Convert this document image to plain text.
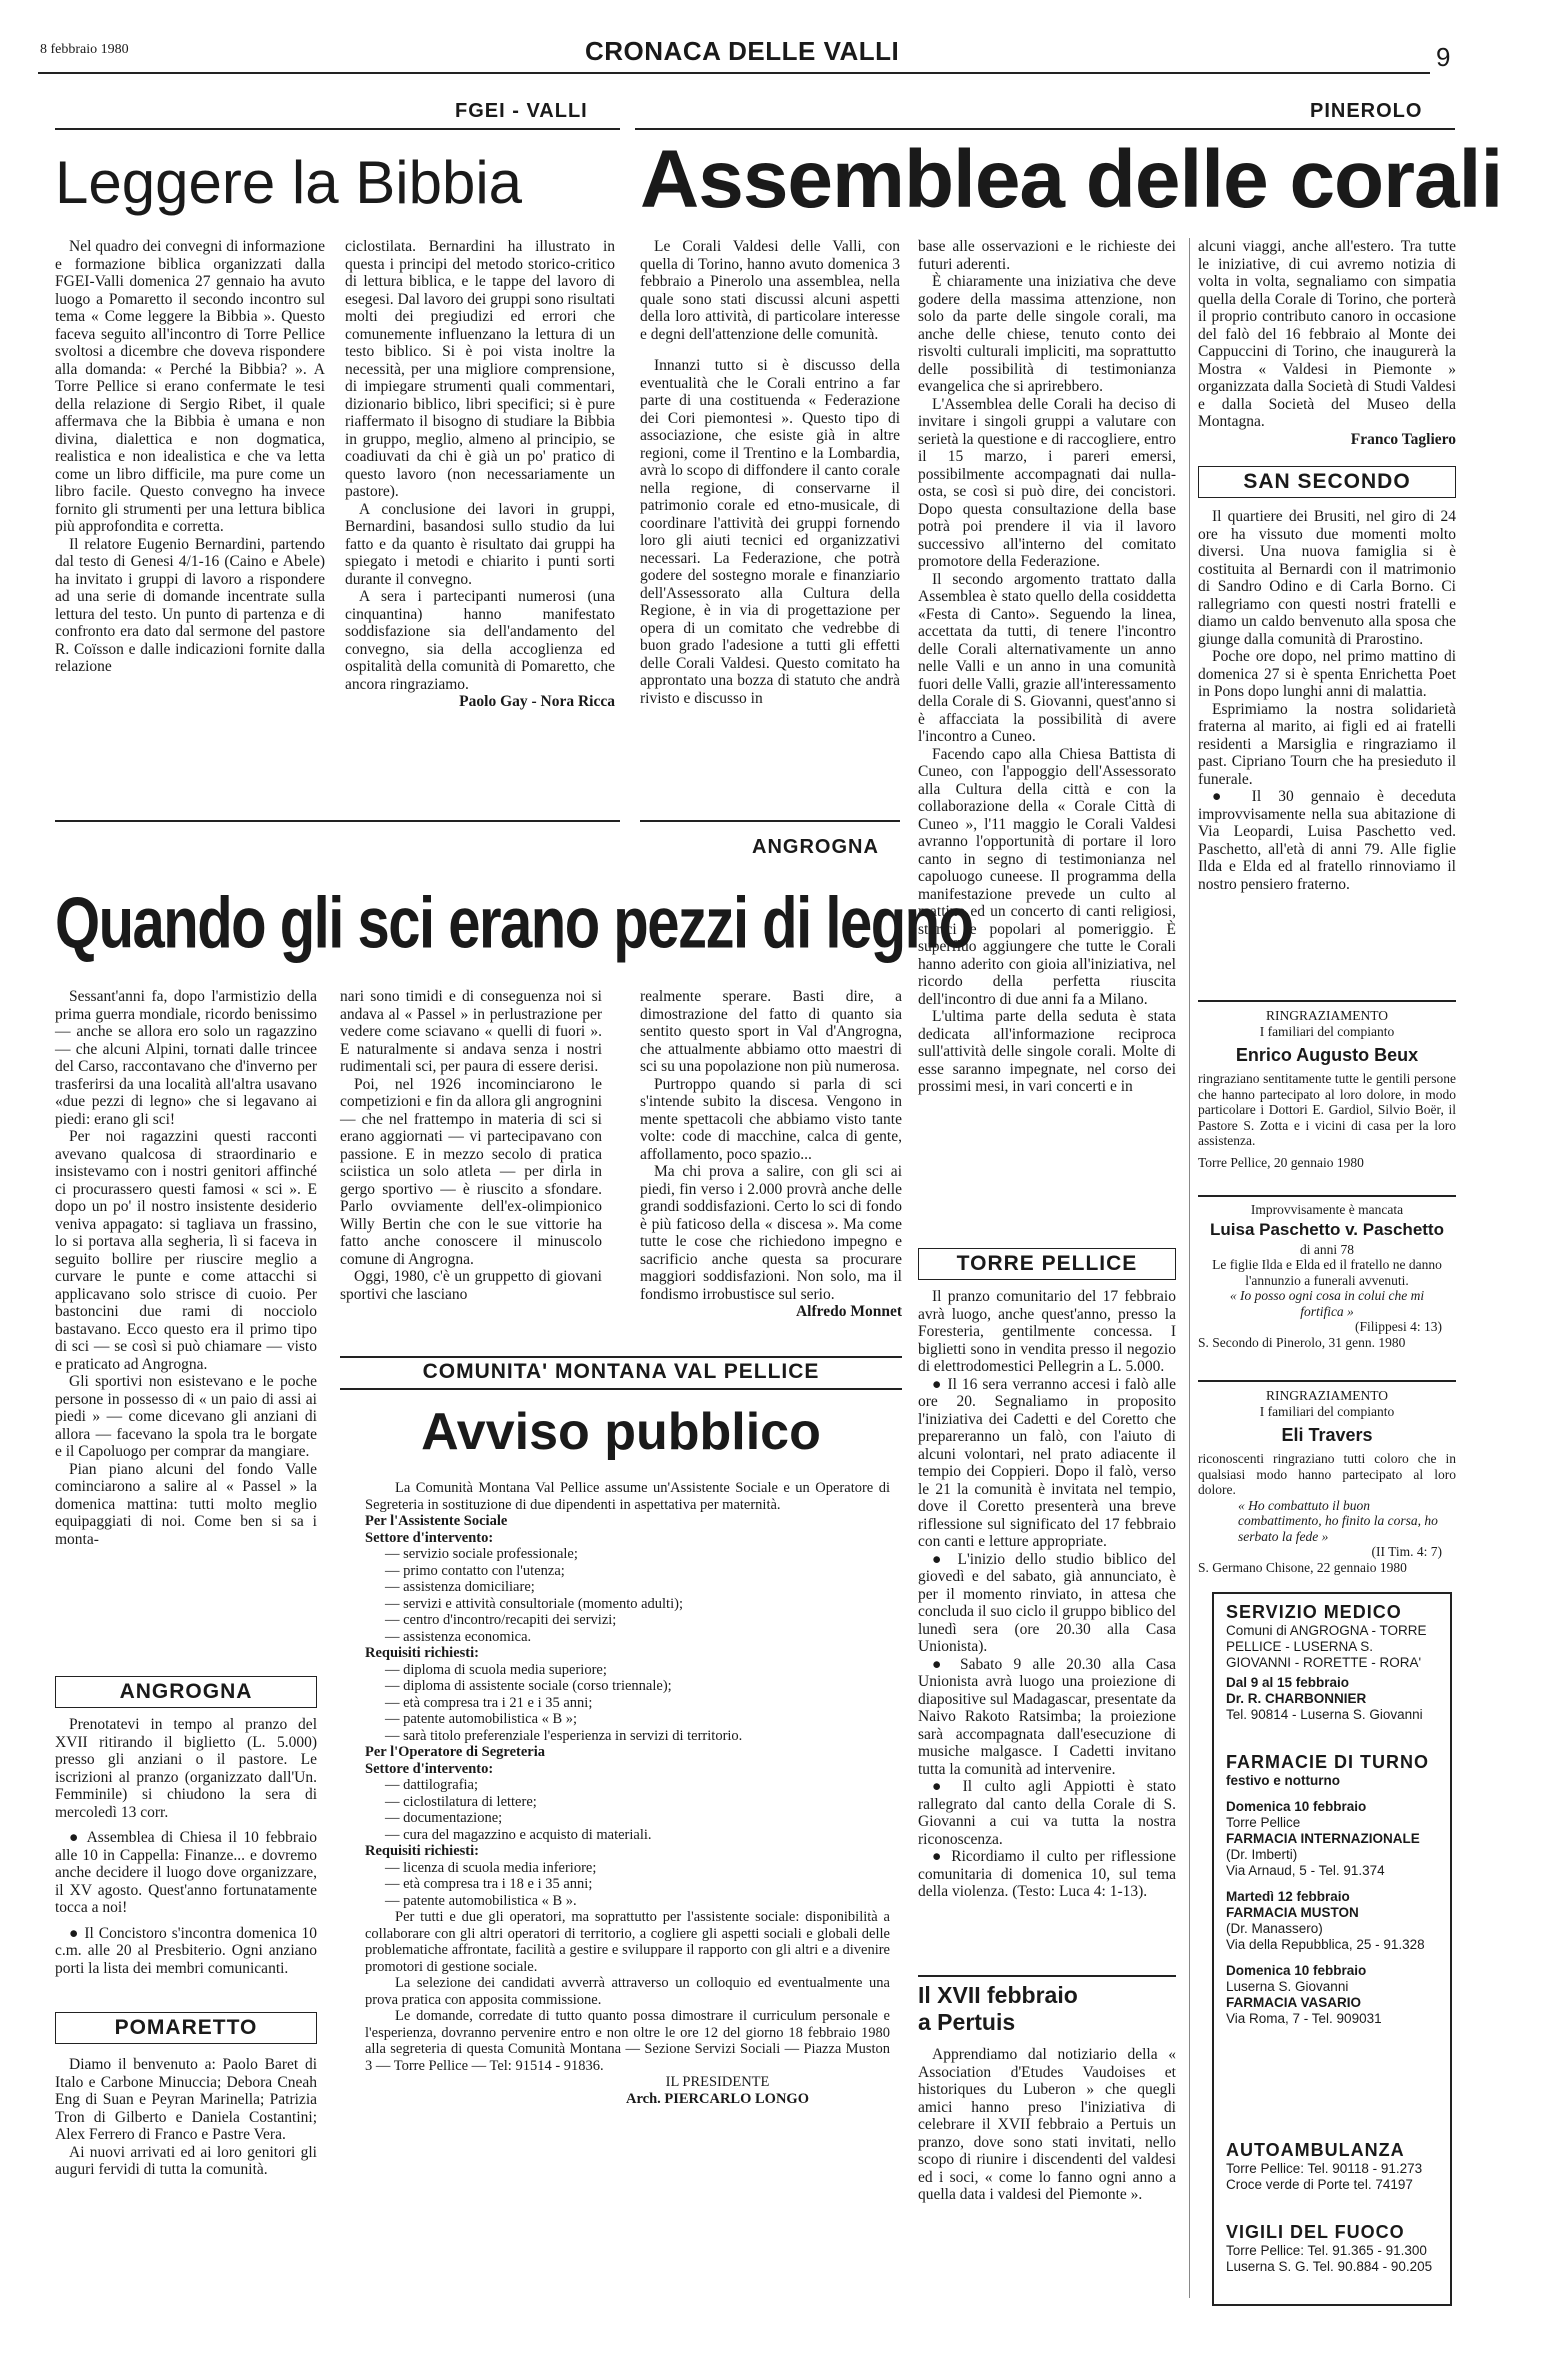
8 febbraio 1980	CRONACA DELLE VALLI	9
FGEI - VALLI	PINEROLO
Leggere la Bibbia

Nel quadro dei convegni di informazione e formazione biblica organizzati dalla FGEI-Valli domenica 27 gennaio ha avuto luogo a Pomaretto il secondo incontro sul tema « Come leggere la Bibbia ». Questo faceva seguito all'incontro di Torre Pellice svoltosi a dicembre che doveva rispondere alla domanda: « Perché la Bibbia? ». A Torre Pellice si erano confermate le tesi della relazione di Sergio Ribet, il quale affermava che la Bibbia è umana e non divina, dialettica e non dogmatica, realistica e non idealistica e che va letta come un libro difficile, ma pure come un libro facile. Questo convegno ha invece fornito gli strumenti per una lettura biblica più approfondita e corretta.

Il relatore Eugenio Bernardini, partendo dal testo di Genesi 4/1-16 (Caino e Abele) ha invitato i gruppi di lavoro a rispondere ad una serie di domande incentrate sulla lettura del testo. Un punto di partenza e di confronto era dato dal sermone del pastore R. Coïsson e dalle indicazioni fornite dalla relazione

ciclostilata. Bernardini ha illustrato in questa i principi del metodo storico-critico di lettura biblica, e le tappe del lavoro di esegesi. Dal lavoro dei gruppi sono risultati molti dei pregiudizi ed errori che comunemente influenzano la lettura di un testo biblico. Si è poi vista inoltre la necessità, per una migliore comprensione, di impiegare strumenti quali commentari, dizionario biblico, libri specifici; si è pure riaffermato il bisogno di studiare la Bibbia in gruppo, meglio, almeno al principio, se coadiuvati da chi è già un po' pratico di questo lavoro (non necessariamente un pastore).

A conclusione dei lavori in gruppi, Bernardini, basandosi sullo studio da lui fatto e da quanto è risultato dai gruppi ha spiegato i metodi e chiarito i punti sorti durante il convegno.

A sera i partecipanti numerosi (una cinquantina) hanno manifestato soddisfazione sia dell'andamento del convegno, sia della accoglienza ed ospitalità della comunità di Pomaretto, che ancora ringraziamo.

Paolo Gay - Nora Ricca

Assemblea delle corali

Le Corali Valdesi delle Valli, con quella di Torino, hanno avuto domenica 3 febbraio a Pinerolo una assemblea, nella quale sono stati discussi alcuni aspetti della loro attività, di particolare interesse e degni dell'attenzione delle comunità.

Innanzi tutto si è discusso della eventualità che le Corali entrino a far parte di una costituenda « Federazione dei Cori piemontesi ». Questo tipo di associazione, che esiste già in altre regioni, come il Trentino e la Lombardia, avrà lo scopo di diffondere il canto corale nella regione, di conservarne il patrimonio corale ed etno-musicale, di coordinare l'attività dei gruppi fornendo loro gli aiuti tecnici ed organizzativi necessari. La Federazione, che potrà godere del sostegno morale e finanziario dell'Assessorato alla Cultura della Regione, è in via di progettazione per opera di un comitato che vedrebbe di buon grado l'adesione a tutti gli effetti delle Corali Valdesi. Questo comitato ha approntato una bozza di statuto che andrà rivisto e discusso in

base alle osservazioni e le richieste dei futuri aderenti.

È chiaramente una iniziativa che deve godere della massima attenzione, non solo da parte delle singole corali, ma anche delle chiese, tenuto conto dei risvolti culturali impliciti, ma soprattutto delle possibilità di testimonianza evangelica che si aprirebbero.

L'Assemblea delle Corali ha deciso di invitare i singoli gruppi a valutare con serietà la questione e di raccogliere, entro il 15 marzo, i pareri emersi, possibilmente accompagnati dai nulla-osta, se così si può dire, dei concistori. Dopo questa consultazione della base potrà poi prendere il via il lavoro successivo all'interno del comitato promotore della Federazione.

Il secondo argomento trattato dalla Assemblea è stato quello della cosiddetta «Festa di Canto». Seguendo la linea, accettata da tutti, di tenere l'incontro delle Corali alternativamente un anno nelle Valli e un anno in una comunità fuori delle Valli, grazie all'interessamento della Corale di S. Giovanni, quest'anno si è affacciata la possibilità di avere l'incontro a Cuneo.

Facendo capo alla Chiesa Battista di Cuneo, con l'appoggio dell'Assessorato alla Cultura della città e con la collaborazione della « Corale Città di Cuneo », l'11 maggio le Corali Valdesi avranno l'opportunità di portare il loro canto in segno di testimonianza nel capoluogo cuneese. Il programma della manifestazione prevede un culto al mattino ed un concerto di canti religiosi, storici e popolari al pomeriggio. È superfluo aggiungere che tutte le Corali hanno aderito con gioia all'iniziativa, nel ricordo della perfetta riuscita dell'incontro di due anni fa a Milano.

L'ultima parte della seduta è stata dedicata all'informazione reciproca sull'attività delle singole corali. Molte di esse saranno impegnate, nel corso dei prossimi mesi, in vari concerti e in

alcuni viaggi, anche all'estero. Tra tutte le iniziative, di cui avremo notizia di volta in volta, segnaliamo con simpatia quella della Corale di Torino, che porterà il proprio contributo canoro in occasione del falò del 16 febbraio al Monte dei Cappuccini di Torino, che inaugurerà la Mostra « Valdesi in Piemonte » organizzata dalla Società di Studi Valdesi e dalla Società del Museo della Montagna.

Franco Tagliero

SAN SECONDO

Il quartiere dei Brusiti, nel giro di 24 ore ha vissuto due momenti molto diversi. Una nuova famiglia si è costituita al Bernardi con il matrimonio di Sandro Odino e di Carla Borno. Ci rallegriamo con questi nostri fratelli e diamo un caldo benvenuto alla sposa che giunge dalla comunità di Prarostino.

Poche ore dopo, nel primo mattino di domenica 27 si è spenta Enrichetta Poet in Pons dopo lunghi anni di malattia.

Esprimiamo la nostra solidarietà fraterna al marito, ai figli ed ai fratelli residenti a Marsiglia e ringraziamo il past. Cipriano Tourn che ha presieduto il funerale.

● Il 30 gennaio è deceduta improvvisamente nella sua abitazione di Via Leopardi, Luisa Paschetto ved. Paschetto, all'età di anni 79. Alle figlie Ilda e Elda ed al fratello rinnoviamo il nostro pensiero fraterno.

RINGRAZIAMENTO
I familiari del compianto
Enrico Augusto Beux
ringraziano sentitamente tutte le gentili persone che hanno partecipato al loro dolore, in modo particolare i Dottori E. Gardiol, Silvio Boër, il Pastore S. Zotta e i vicini di casa per la loro assistenza.
Torre Pellice, 20 gennaio 1980
Improvvisamente è mancata
Luisa Paschetto v. Paschetto
di anni 78
Le figlie Ilda e Elda ed il fratello ne danno l'annunzio a funerali avvenuti.
« Io posso ogni cosa in colui che mi fortifica »
(Filippesi 4: 13)
S. Secondo di Pinerolo, 31 genn. 1980
RINGRAZIAMENTO
I familiari del compianto
Eli Travers
riconoscenti ringraziano tutti coloro che in qualsiasi modo hanno partecipato al loro dolore.
« Ho combattuto il buon combattimento, ho finito la corsa, ho serbato la fede »
(II Tim. 4: 7)
S. Germano Chisone, 22 gennaio 1980
SERVIZIO MEDICO
Comuni di ANGROGNA - TORRE PELLICE - LUSERNA S. GIOVANNI - RORETTE - RORA'
Dal 9 al 15 febbraio
Dr. R. CHARBONNIER
Tel. 90814 - Luserna S. Giovanni
FARMACIE DI TURNO
festivo e notturno
Domenica 10 febbraio
Torre Pellice
FARMACIA INTERNAZIONALE
(Dr. Imberti)
Via Arnaud, 5 - Tel. 91.374
Martedì 12 febbraio
FARMACIA MUSTON
(Dr. Manassero)
Via della Repubblica, 25 - 91.328
Domenica 10 febbraio
Luserna S. Giovanni
FARMACIA VASARIO
Via Roma, 7 - Tel. 909031
AUTOAMBULANZA
Torre Pellice: Tel. 90118 - 91.273
Croce verde di Porte tel. 74197
VIGILI DEL FUOCO
Torre Pellice: Tel. 91.365 - 91.300
Luserna S. G. Tel. 90.884 - 90.205
ANGROGNA
Quando gli sci erano pezzi di legno

Sessant'anni fa, dopo l'armistizio della prima guerra mondiale, ricordo benissimo — anche se allora ero solo un ragazzino — che alcuni Alpini, tornati dalle trincee del Carso, raccontavano che d'inverno per trasferirsi da una località all'altra usavano «due pezzi di legno» che si legavano ai piedi: erano gli sci!

Per noi ragazzini questi racconti avevano qualcosa di straordinario e insistevamo con i nostri genitori affinché ci procurassero questi famosi « sci ». E dopo un po' il nostro insistente desiderio veniva appagato: si tagliava un frassino, lo si portava alla segheria, lì si faceva in seguito bollire per riuscire meglio a curvare le punte e come attacchi si applicavano solo strisce di cuoio. Per bastoncini due rami di nocciolo bastavano. Ecco questo era il primo tipo di sci — se così si può chiamare — visto e praticato ad Angrogna.

Gli sportivi non esistevano e le poche persone in possesso di « un paio di assi ai piedi » — come dicevano gli anziani di allora — facevano la spola tra le borgate e il Capoluogo per comprar da mangiare.

Pian piano alcuni del fondo Valle cominciarono a salire al « Passel » la domenica mattina: tutti molto meglio equipaggiati di noi. Come ben si sa i monta-

nari sono timidi e di conseguenza noi si andava al « Passel » in perlustrazione per vedere come sciavano « quelli di fuori ». E naturalmente si andava senza i nostri rudimentali sci, per paura di essere derisi.

Poi, nel 1926 incominciarono le competizioni e fin da allora gli angrognini — che nel frattempo in materia di sci si erano aggiornati — vi partecipavano con passione. E in mezzo secolo di pratica sciistica un solo atleta — per dirla in gergo sportivo — è riuscito a sfondare. Parlo ovviamente dell'ex-olimpionico Willy Bertin che con le sue vittorie ha fatto anche conoscere il minuscolo comune di Angrogna.

Oggi, 1980, c'è un gruppetto di giovani sportivi che lasciano

realmente sperare. Basti dire, a dimostrazione del fatto di quanto sia sentito questo sport in Val d'Angrogna, che attualmente abbiamo otto maestri di sci su una popolazione non più numerosa.

Purtroppo quando si parla di sci s'intende subito la discesa. Vengono in mente spettacoli che abbiamo visto tante volte: code di macchine, calca di gente, affollamento, poco spazio...

Ma chi prova a salire, con gli sci ai piedi, fin verso i 2.000 provrà anche delle grandi soddisfazioni. Certo lo sci di fondo è più faticoso della « discesa ». Ma come tutte le cose che richiedono impegno e sacrificio anche questa sa procurare maggiori soddisfazioni. Non solo, ma il fondismo irrobustisce sul serio.

Alfredo Monnet

ANGROGNA

Prenotatevi in tempo al pranzo del XVII ritirando il biglietto (L. 5.000) presso gli anziani o il pastore. Le iscrizioni al pranzo (organizzato dall'Un. Femminile) si chiudono la sera di mercoledì 13 corr.

● Assemblea di Chiesa il 10 febbraio alle 10 in Cappella: Finanze... e dovremo anche decidere il luogo dove organizzare, il XV agosto. Quest'anno fortunatamente tocca a noi!

● Il Concistoro s'incontra domenica 10 c.m. alle 20 al Presbiterio. Ogni anziano porti la lista dei membri comunicanti.

POMARETTO

Diamo il benvenuto a: Paolo Baret di Italo e Carbone Minuccia; Debora Cneah Eng di Suan e Peyran Marinella; Patrizia Tron di Gilberto e Daniela Costantini; Alex Ferrero di Franco e Pastre Vera.

Ai nuovi arrivati ed ai loro genitori gli auguri fervidi di tutta la comunità.

COMUNITA' MONTANA VAL PELLICE
Avviso pubblico

La Comunità Montana Val Pellice assume un'Assistente Sociale e un Operatore di Segreteria in sostituzione di due dipendenti in aspettativa per maternità.

Per l'Assistente Sociale
Settore d'intervento:
— servizio sociale professionale;
— primo contatto con l'utenza;
— assistenza domiciliare;
— servizi e attività consultoriale (momento adulti);
— centro d'incontro/recapiti dei servizi;
— assistenza economica.
Requisiti richiesti:
— diploma di scuola media superiore;
— diploma di assistente sociale (corso triennale);
— età compresa tra i 21 e i 35 anni;
— patente automobilistica « B »;
— sarà titolo preferenziale l'esperienza in servizi di territorio.
Per l'Operatore di Segreteria
Settore d'intervento:
— dattilografia;
— ciclostilatura di lettere;
— documentazione;
— cura del magazzino e acquisto di materiali.
Requisiti richiesti:
— licenza di scuola media inferiore;
— età compresa tra i 18 e i 35 anni;
— patente automobilistica « B ».

Per tutti e due gli operatori, ma soprattutto per l'assistente sociale: disponibilità a collaborare con gli altri operatori di territorio, a cogliere gli aspetti sociali e globali delle problematiche affrontate, facilità a gestire e sviluppare il rapporto con gli altri e a divenire promotori di gestione sociale.

La selezione dei candidati avverrà attraverso un colloquio ed eventualmente una prova pratica con apposita commissione.

Le domande, corredate di tutto quanto possa dimostrare il curriculum personale e l'esperienza, dovranno pervenire entro e non oltre le ore 12 del giorno 18 febbraio 1980 alla segreteria di questa Comunità Montana — Sezione Servizi Sociali — Piazza Muston 3 — Torre Pellice — Tel: 91514 - 91836.

IL PRESIDENTE
Arch. PIERCARLO LONGO
TORRE PELLICE

Il pranzo comunitario del 17 febbraio avrà luogo, anche quest'anno, presso la Foresteria, gentilmente concessa. I biglietti sono in vendita presso il negozio di elettrodomestici Pellegrin a L. 5.000.

● Il 16 sera verranno accesi i falò alle ore 20. Segnaliamo in proposito l'iniziativa dei Cadetti e del Coretto che prepareranno un falò, con l'aiuto di alcuni volontari, nel prato adiacente il tempio dei Coppieri. Dopo il falò, verso le 21 la comunità è invitata nel tempio, dove il Coretto presenterà una breve riflessione sul significato del 17 febbraio con canti e letture appropriate.

● L'inizio dello studio biblico del giovedì e del sabato, già annunciato, è per il momento rinviato, in attesa che concluda il suo ciclo il gruppo biblico del lunedì sera (ore 20.30 alla Casa Unionista).

● Sabato 9 alle 20.30 alla Casa Unionista avrà luogo una proiezione di diapositive sul Madagascar, presentate da Naivo Rakoto Ratsimba; la proiezione sarà accompagnata dall'esecuzione di musiche malgasce. I Cadetti invitano tutta la comunità ad intervenire.

● Il culto agli Appiotti è stato rallegrato dal canto della Corale di S. Giovanni a cui va tutta la nostra riconoscenza.

● Ricordiamo il culto per riflessione comunitaria di domenica 10, sul tema della violenza. (Testo: Luca 4: 1-13).

Il XVII febbraio
a Pertuis

Apprendiamo dal notiziario della « Association d'Etudes Vaudoises et historiques du Luberon » che quegli amici hanno preso l'iniziativa di celebrare il XVII febbraio a Pertuis un pranzo, dove sono stati invitati, nello scopo di riunire i discendenti del valdesi ed i soci, « come lo fanno ogni anno a quella data i valdesi del Piemonte ».
